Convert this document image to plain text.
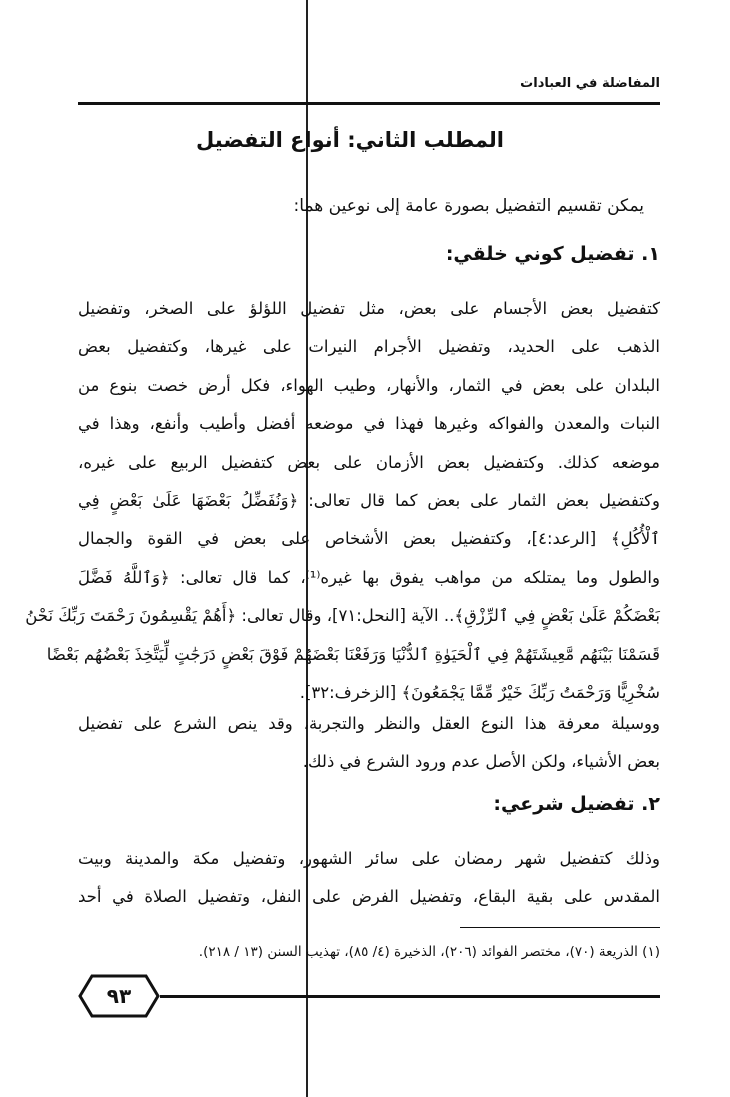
المفاضلة في العبادات
المطلب الثاني: أنواع التفضيل
يمكن تقسيم التفضيل بصورة عامة إلى نوعين هما:
١. تفضيل كوني خلقي:

كتفضيل بعض الأجسام على بعض، مثل تفضيل اللؤلؤ على الصخر، وتفضيل
الذهب على الحديد، وتفضيل الأجرام النيرات على غيرها، وكتفضيل بعض
البلدان على بعض في الثمار، والأنهار، وطيب الهواء، فكل أرض خصت بنوع من
النبات والمعدن والفواكه وغيرها فهذا في موضعه أفضل وأطيب وأنفع، وهذا في
موضعه كذلك. وكتفضيل بعض الأزمان على بعض كتفضيل الربيع على غيره،
وكتفضيل بعض الثمار على بعض كما قال تعالى: ﴿وَنُفَضِّلُ بَعْضَهَا عَلَىٰ بَعْضٍ فِي
ٱلْأُكُلِ﴾ [الرعد:٤]، وكتفضيل بعض الأشخاص على بعض في القوة والجمال
والطول وما يمتلكه من مواهب يفوق بها غيره⁽¹⁾، كما قال تعالى: ﴿وَٱللَّهُ فَضَّلَ
بَعْضَكُمْ عَلَىٰ بَعْضٍ فِي ٱلرِّزْقِ﴾.. الآية [النحل:٧١]، وقال تعالى: ﴿أَهُمْ يَقْسِمُونَ رَحْمَتَ رَبِّكَ نَحْنُ
قَسَمْنَا بَيْنَهُم مَّعِيشَتَهُمْ فِي ٱلْحَيَوٰةِ ٱلدُّنْيَا وَرَفَعْنَا بَعْضَهُمْ فَوْقَ بَعْضٍ دَرَجَٰتٍ لِّيَتَّخِذَ بَعْضُهُم بَعْضًا
سُخْرِيًّا وَرَحْمَتُ رَبِّكَ خَيْرٌ مِّمَّا يَجْمَعُونَ﴾ [الزخرف:٣٢].

ووسيلة معرفة هذا النوع العقل والنظر والتجربة، وقد ينص الشرع على تفضيل
بعض الأشياء، ولكن الأصل عدم ورود الشرع في ذلك.

٢. تفضيل شرعي:

وذلك كتفضيل شهر رمضان على سائر الشهور، وتفضيل مكة والمدينة وبيت
المقدس على بقية البقاع، وتفضيل الفرض على النفل، وتفضيل الصلاة في أحد

(١) الذريعة (٧٠)، مختصر الفوائد (٢٠٦)، الذخيرة (٤/ ٨٥)، تهذيب السنن (١٣ / ٢١٨).
٩٣
